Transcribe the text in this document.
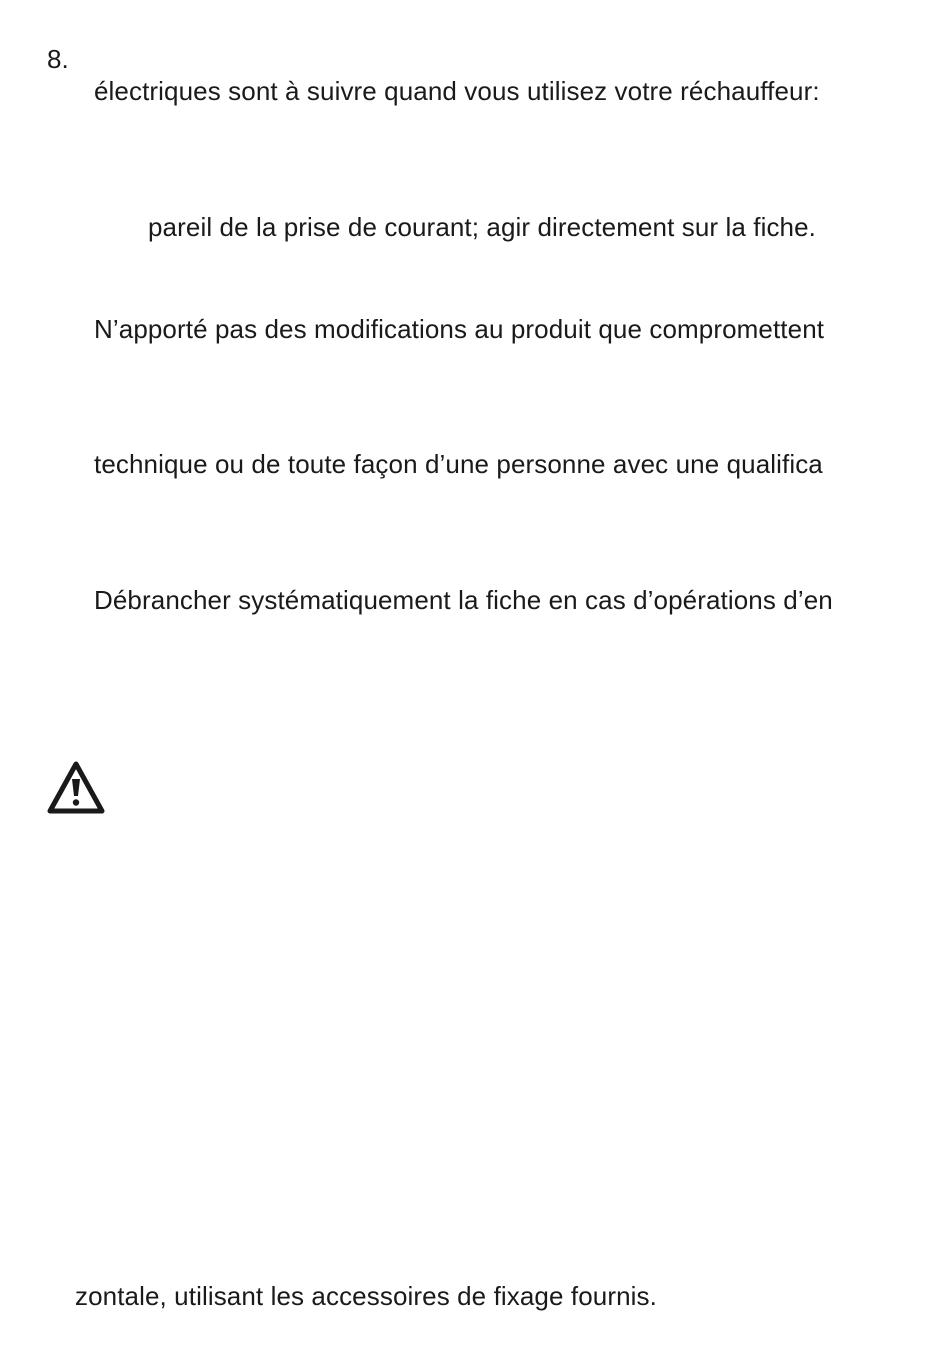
8.
électriques sont à suivre quand vous utilisez votre réchauffeur:
pareil de la prise de courant; agir directement sur la fiche.
N’apporté pas des modifications au produit que compromettent
technique ou de toute façon d’une personne avec une qualifica
Débrancher systématiquement la fiche en cas d’opérations d’en
zontale, utilisant les accessoires de fixage fournis.
